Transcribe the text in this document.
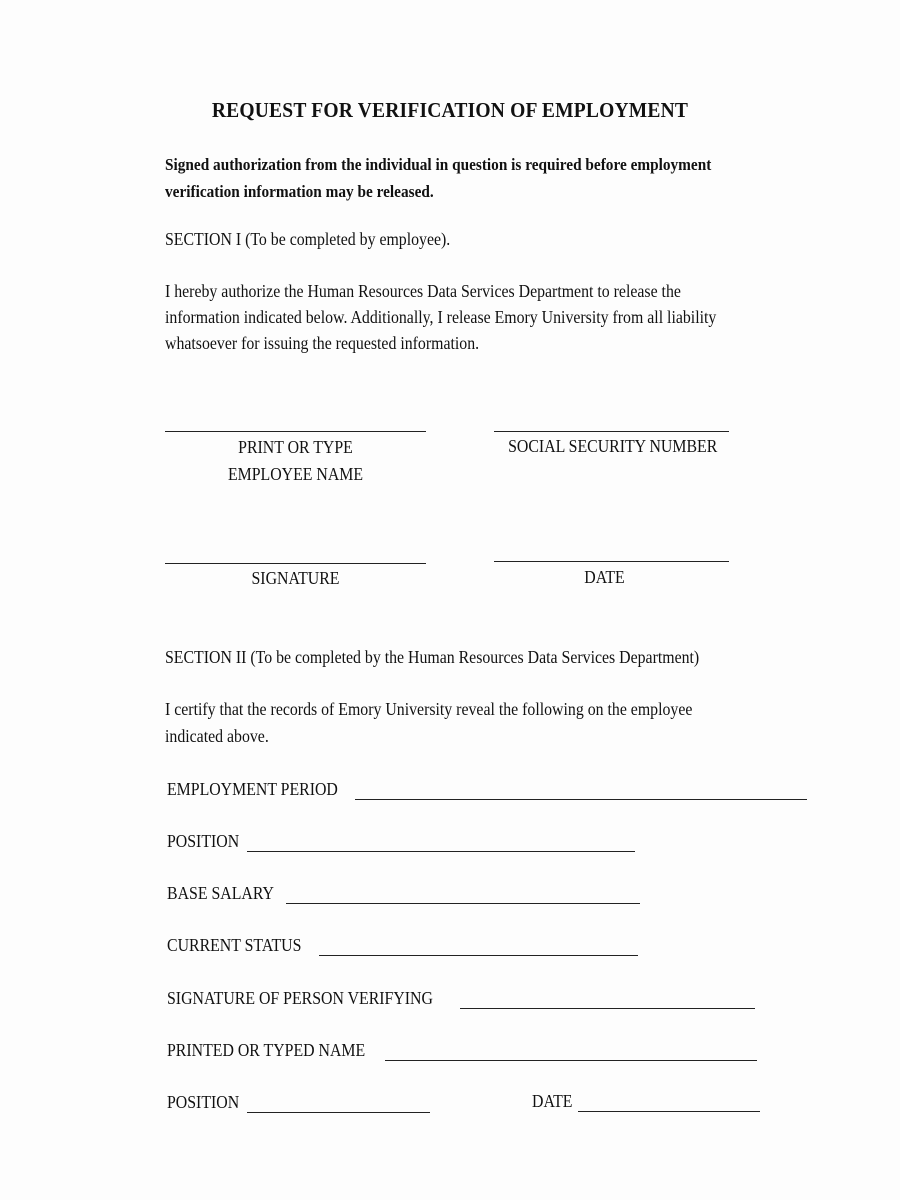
REQUEST FOR VERIFICATION OF EMPLOYMENT
Signed authorization from the individual in question is required before employment
verification information may be released.
SECTION I (To be completed by employee).
I hereby authorize the Human Resources Data Services Department to release the
information indicated below. Additionally, I release Emory University from all liability
whatsoever for issuing the requested information.
PRINT OR TYPE
EMPLOYEE NAME
SOCIAL SECURITY NUMBER
SIGNATURE	DATE
SECTION II (To be completed by the Human Resources Data Services Department)
I certify that the records of Emory University reveal the following on the employee
indicated above.
EMPLOYMENT PERIOD
POSITION
BASE SALARY
CURRENT STATUS
SIGNATURE OF PERSON VERIFYING
PRINTED OR TYPED NAME
POSITION	DATE
